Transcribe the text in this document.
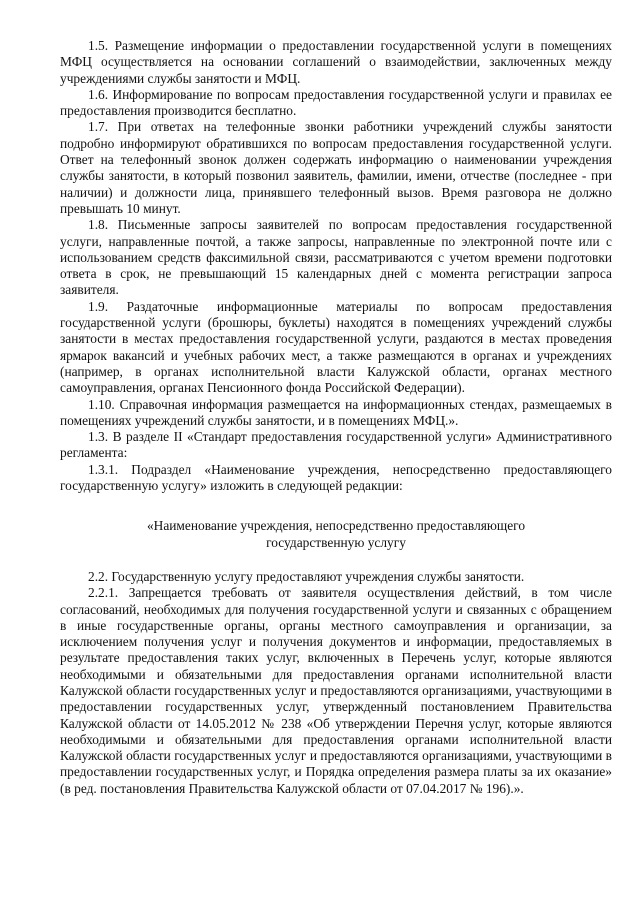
1.5. Размещение информации о предоставлении государственной услуги в помещениях МФЦ осуществляется на основании соглашений о взаимодействии, заключенных между учреждениями службы занятости и МФЦ.

1.6. Информирование по вопросам предоставления государственной услуги и правилах ее предоставления производится бесплатно.

1.7. При ответах на телефонные звонки работники учреждений службы занятости подробно информируют обратившихся по вопросам предоставления государственной услуги. Ответ на телефонный звонок должен содержать информацию о наименовании учреждения службы занятости, в который позвонил заявитель, фамилии, имени, отчестве (последнее - при наличии) и должности лица, принявшего телефонный вызов. Время разговора не должно превышать 10 минут.

1.8. Письменные запросы заявителей по вопросам предоставления государственной услуги, направленные почтой, а также запросы, направленные по электронной почте или с использованием средств факсимильной связи, рассматриваются с учетом времени подготовки ответа в срок, не превышающий 15 календарных дней с момента регистрации запроса заявителя.

1.9. Раздаточные информационные материалы по вопросам предоставления государственной услуги (брошюры, буклеты) находятся в помещениях учреждений службы занятости в местах предоставления государственной услуги, раздаются в местах проведения ярмарок вакансий и учебных рабочих мест, а также размещаются в органах и учреждениях (например, в органах исполнительной власти Калужской области, органах местного самоуправления, органах Пенсионного фонда Российской Федерации).

1.10. Справочная информация размещается на информационных стендах, размещаемых в помещениях учреждений службы занятости, и в помещениях МФЦ.».

1.3. В разделе II «Стандарт предоставления государственной услуги» Административного регламента:

1.3.1. Подраздел «Наименование учреждения, непосредственно предоставляющего государственную услугу» изложить в следующей редакции:

«Наименование учреждения, непосредственно предоставляющего

государственную услугу

2.2. Государственную услугу предоставляют учреждения службы занятости.

2.2.1. Запрещается требовать от заявителя осуществления действий, в том числе согласований, необходимых для получения государственной услуги и связанных с обращением в иные государственные органы, органы местного самоуправления и организации, за исключением получения услуг и получения документов и информации, предоставляемых в результате предоставления таких услуг, включенных в Перечень услуг, которые являются необходимыми и обязательными для предоставления органами исполнительной власти Калужской области государственных услуг и предоставляются организациями, участвующими в предоставлении государственных услуг, утвержденный постановлением Правительства Калужской области от 14.05.2012 № 238 «Об утверждении Перечня услуг, которые являются необходимыми и обязательными для предоставления органами исполнительной власти Калужской области государственных услуг и предоставляются организациями, участвующими в предоставлении государственных услуг, и Порядка определения размера платы за их оказание» (в ред. постановления Правительства Калужской области от 07.04.2017 № 196).».
